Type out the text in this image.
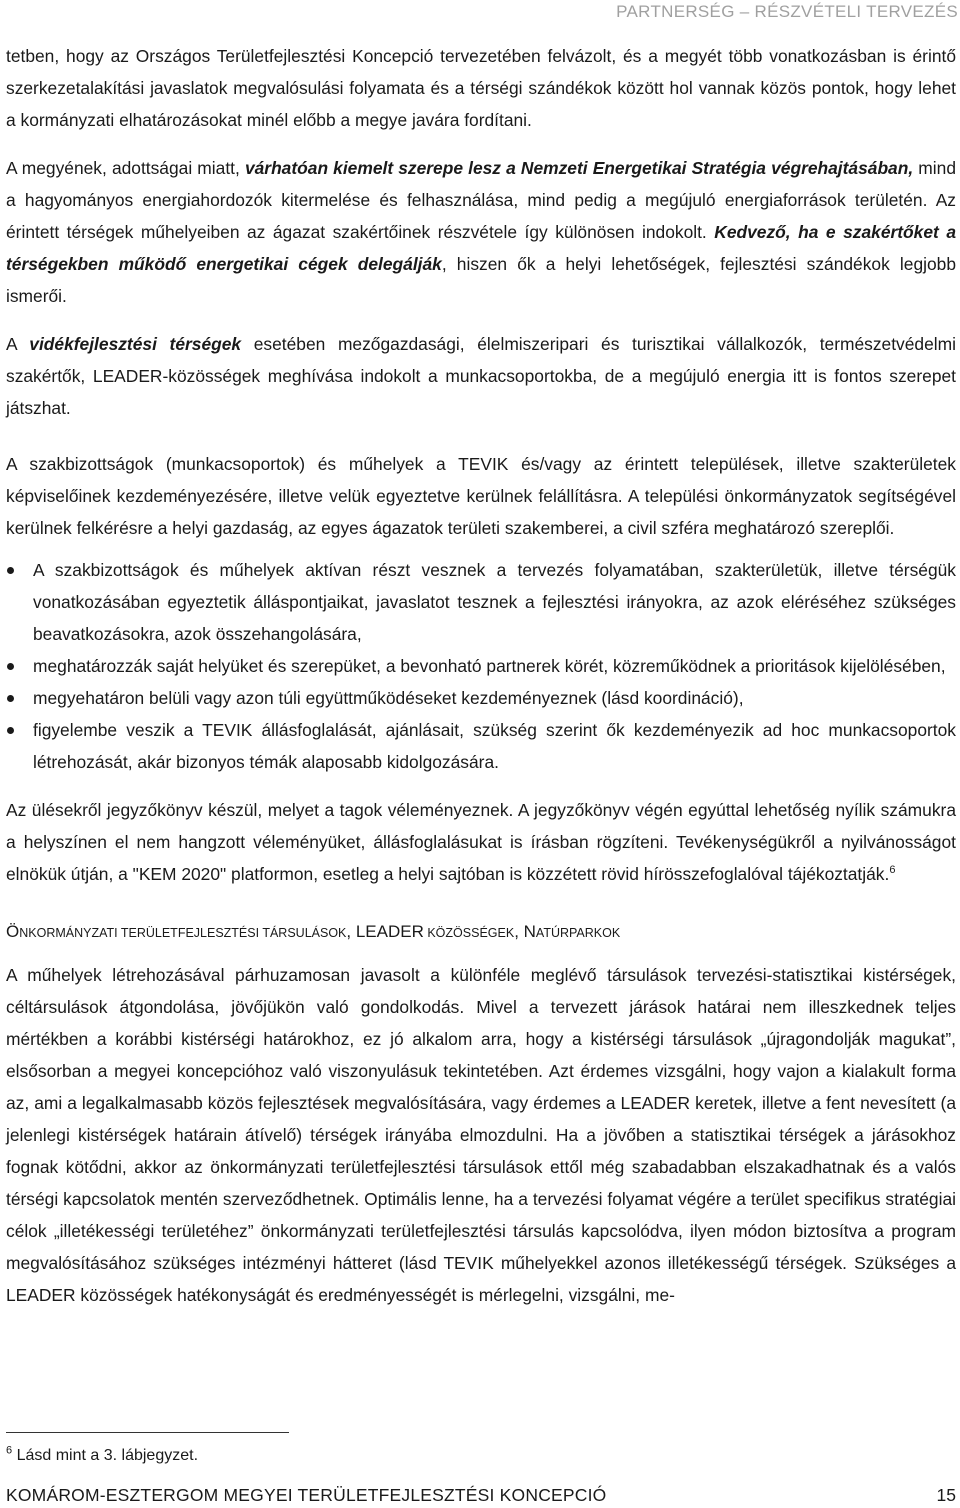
PARTNERSÉG – RÉSZVÉTELI TERVEZÉS

tetben, hogy az Országos Területfejlesztési Koncepció tervezetében felvázolt, és a megyét több vonatkozásban is érintő szerkezetalakítási javaslatok megvalósulási folyamata és a térségi szándékok között hol vannak közös pontok, hogy lehet a kormányzati elhatározásokat minél előbb a megye javára fordítani.

A megyének, adottságai miatt, várhatóan kiemelt szerepe lesz a Nemzeti Energetikai Stratégia végrehajtásában, mind a hagyományos energiahordozók kitermelése és felhasználása, mind pedig a megújuló energiaforrások területén. Az érintett térségek műhelyeiben az ágazat szakértőinek részvétele így különösen indokolt. Kedvező, ha e szakértőket a térségekben működő energetikai cégek delegálják, hiszen ők a helyi lehetőségek, fejlesztési szándékok legjobb ismerői.

A vidékfejlesztési térségek esetében mezőgazdasági, élelmiszeripari és turisztikai vállalkozók, természetvédelmi szakértők, LEADER-közösségek meghívása indokolt a munkacsoportokba, de a megújuló energia itt is fontos szerepet játszhat.

A szakbizottságok (munkacsoportok) és műhelyek a TEVIK és/vagy az érintett települések, illetve szakterületek képviselőinek kezdeményezésére, illetve velük egyeztetve kerülnek felállításra. A települési önkormányzatok segítségével kerülnek felkérésre a helyi gazdaság, az egyes ágazatok területi szakemberei, a civil szféra meghatározó szereplői.

A szakbizottságok és műhelyek aktívan részt vesznek a tervezés folyamatában, szakterületük, illetve térségük vonatkozásában egyeztetik álláspontjaikat, javaslatot tesznek a fejlesztési irányokra, az azok eléréséhez szükséges beavatkozásokra, azok összehangolására,
meghatározzák saját helyüket és szerepüket, a bevonható partnerek körét, közreműködnek a prioritások kijelölésében,
megyehatáron belüli vagy azon túli együttműködéseket kezdeményeznek (lásd koordináció),
figyelembe veszik a TEVIK állásfoglalását, ajánlásait, szükség szerint ők kezdeményezik ad hoc munkacsoportok létrehozását, akár bizonyos témák alaposabb kidolgozására.

Az ülésekről jegyzőkönyv készül, melyet a tagok véleményeznek. A jegyzőkönyv végén egyúttal lehetőség nyílik számukra a helyszínen el nem hangzott véleményüket, állásfoglalásukat is írásban rögzíteni. Tevékenységükről a nyilvánosságot elnökük útján, a "KEM 2020" platformon, esetleg a helyi sajtóban is közzétett rövid hírösszefoglalóval tájékoztatják.$^6$

ÖNKORMÁNYZATI TERÜLETFEJLESZTÉSI TÁRSULÁSOK, LEADER KÖZÖSSÉGEK, NATÚRPARKOK

A műhelyek létrehozásával párhuzamosan javasolt a különféle meglévő társulások tervezési-statisztikai kistérségek, céltársulások átgondolása, jövőjükön való gondolkodás. Mivel a tervezett járások határai nem illeszkednek teljes mértékben a korábbi kistérségi határokhoz, ez jó alkalom arra, hogy a kistérségi társulások „újragondolják magukat”, elsősorban a megyei koncepcióhoz való viszonyulásuk tekintetében. Azt érdemes vizsgálni, hogy vajon a kialakult forma az, ami a legalkalmasabb közös fejlesztések megvalósítására, vagy érdemes a LEADER keretek, illetve a fent nevesített (a jelenlegi kistérségek határain átívelő) térségek irányába elmozdulni. Ha a jövőben a statisztikai térségek a járásokhoz fognak kötődni, akkor az önkormányzati területfejlesztési társulások ettől még szabadabban elszakadhatnak és a valós térségi kapcsolatok mentén szerveződhetnek. Optimális lenne, ha a tervezési folyamat végére a terület specifikus stratégiai célok „illetékességi területéhez” önkormányzati területfejlesztési társulás kapcsolódva, ilyen módon biztosítva a program megvalósításához szükséges intézményi hátteret (lásd TEVIK műhelyekkel azonos illetékességű térségek. Szükséges a LEADER közösségek hatékonyságát és eredményességét is mérlegelni, vizsgálni, me-

$^6$ Lásd mint a 3. lábjegyzet.
KOMÁROM-ESZTERGOM MEGYEI TERÜLETFEJLESZTÉSI KONCEPCIÓ	15
